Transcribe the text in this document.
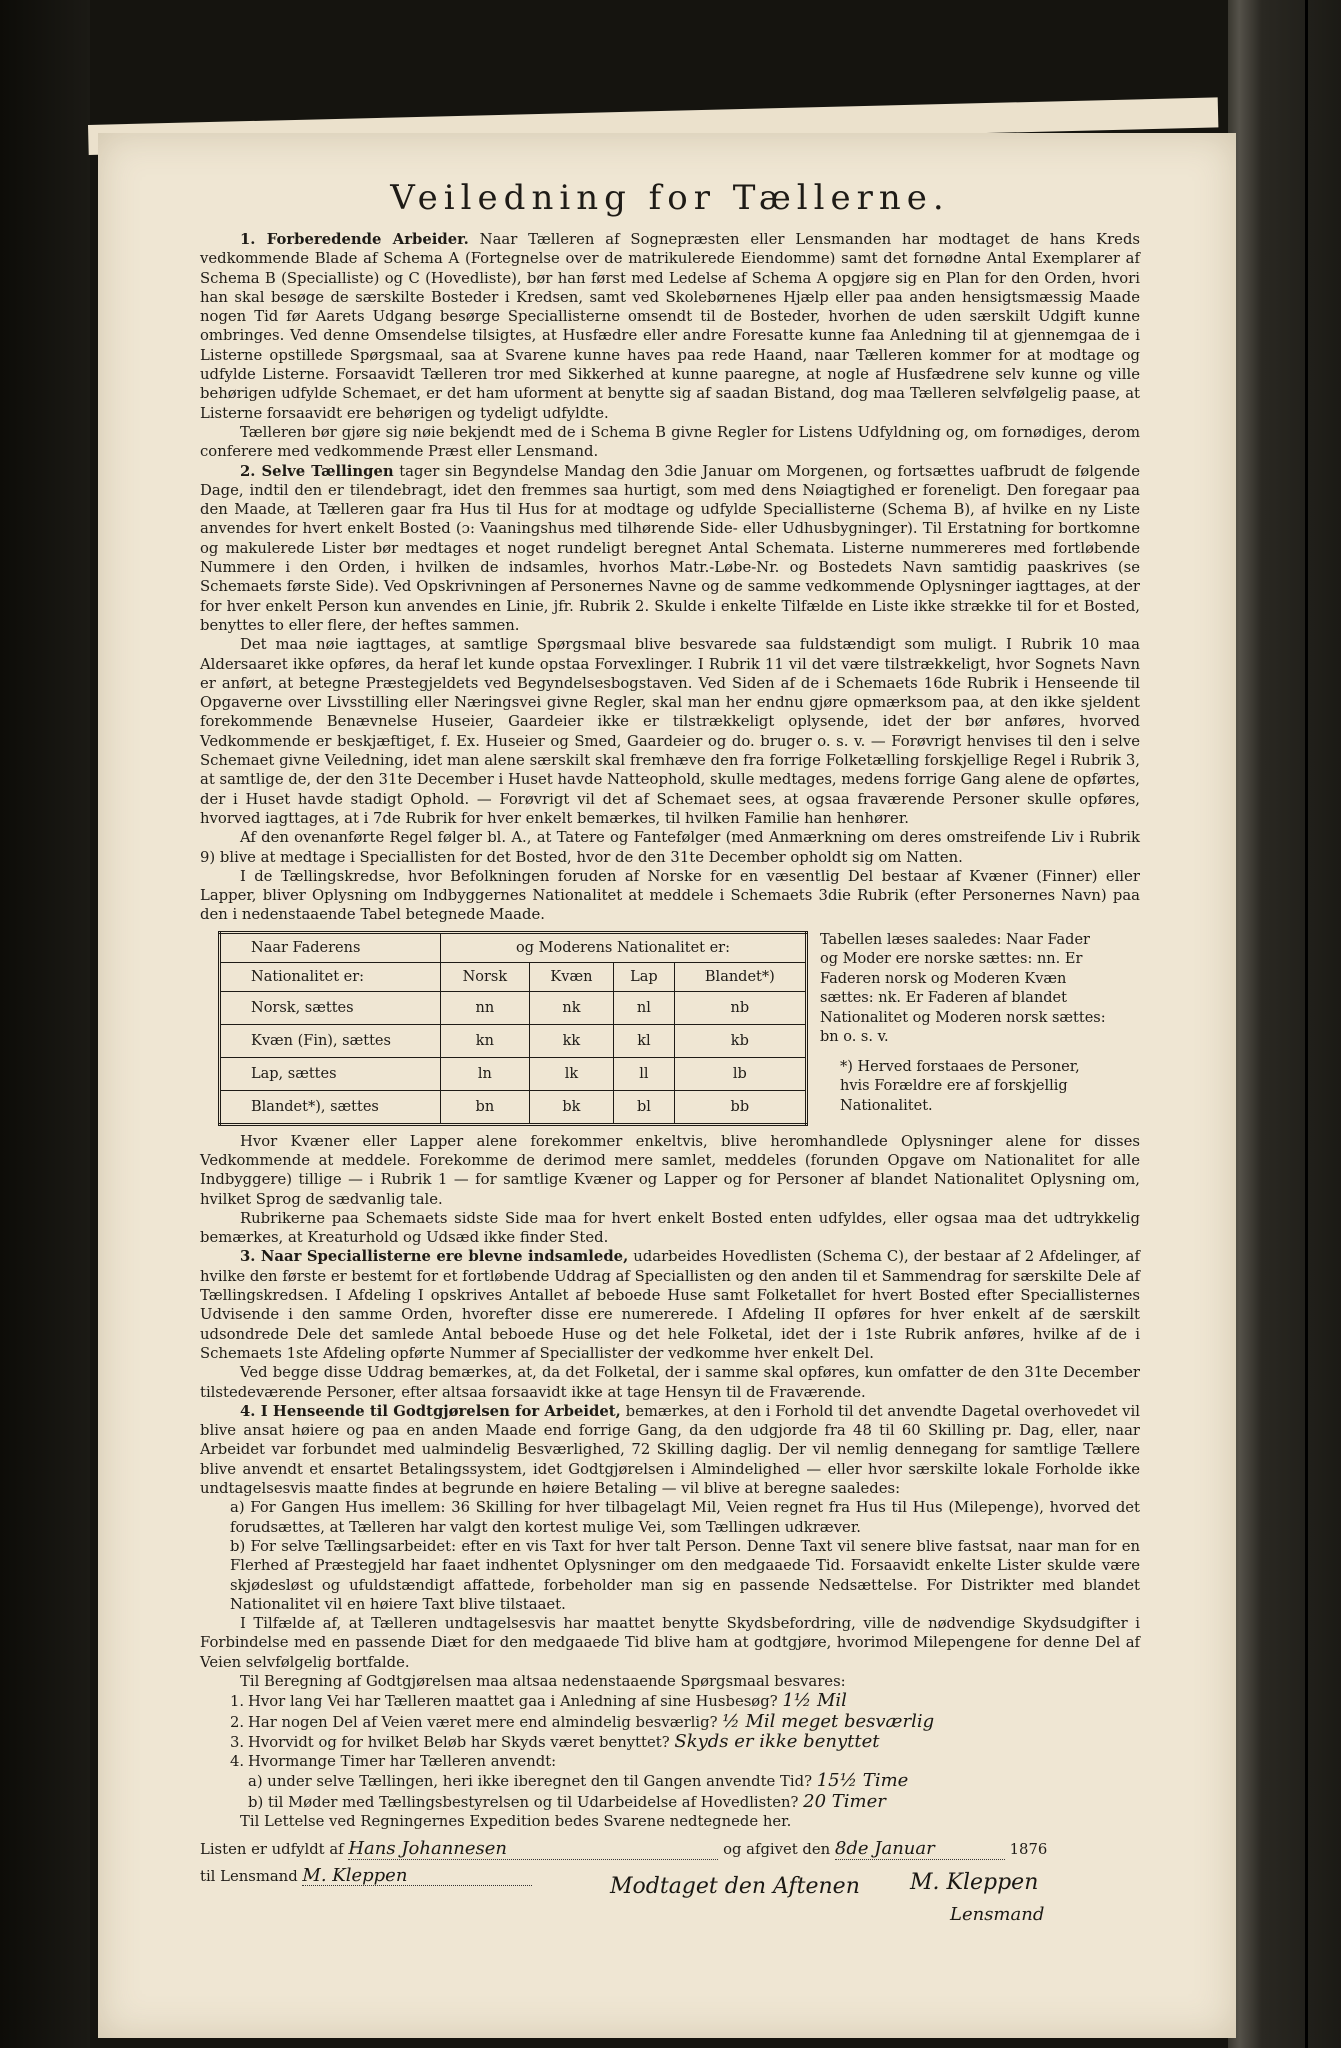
Veiledning for Tællerne.

1. Forberedende Arbeider. Naar Tælleren af Sognepræsten eller Lensmanden har modtaget de hans Kreds vedkommende Blade af Schema A (Fortegnelse over de matrikulerede Eiendomme) samt det fornødne Antal Exemplarer af Schema B (Specialliste) og C (Hovedliste), bør han først med Ledelse af Schema A opgjøre sig en Plan for den Orden, hvori han skal besøge de særskilte Bosteder i Kredsen, samt ved Skolebørnenes Hjælp eller paa anden hensigtsmæssig Maade nogen Tid før Aarets Udgang besørge Speciallisterne omsendt til de Bosteder, hvorhen de uden særskilt Udgift kunne ombringes. Ved denne Omsendelse tilsigtes, at Husfædre eller andre Foresatte kunne faa Anledning til at gjennemgaa de i Listerne opstillede Spørgsmaal, saa at Svarene kunne haves paa rede Haand, naar Tælleren kommer for at modtage og udfylde Listerne. Forsaavidt Tælleren tror med Sikkerhed at kunne paaregne, at nogle af Husfædrene selv kunne og ville behørigen udfylde Schemaet, er det ham uforment at benytte sig af saadan Bistand, dog maa Tælleren selvfølgelig paase, at Listerne forsaavidt ere behørigen og tydeligt udfyldte.

Tælleren bør gjøre sig nøie bekjendt med de i Schema B givne Regler for Listens Udfyldning og, om fornødiges, derom conferere med vedkommende Præst eller Lensmand.

2. Selve Tællingen tager sin Begyndelse Mandag den 3die Januar om Morgenen, og fortsættes uafbrudt de følgende Dage, indtil den er tilendebragt, idet den fremmes saa hurtigt, som med dens Nøiagtighed er foreneligt. Den foregaar paa den Maade, at Tælleren gaar fra Hus til Hus for at modtage og udfylde Speciallisterne (Schema B), af hvilke en ny Liste anvendes for hvert enkelt Bosted (ɔ: Vaaningshus med tilhørende Side- eller Udhusbygninger). Til Erstatning for bortkomne og makulerede Lister bør medtages et noget rundeligt beregnet Antal Schemata. Listerne nummereres med fortløbende Nummere i den Orden, i hvilken de indsamles, hvorhos Matr.-Løbe-Nr. og Bostedets Navn samtidig paaskrives (se Schemaets første Side). Ved Opskrivningen af Personernes Navne og de samme vedkommende Oplysninger iagttages, at der for hver enkelt Person kun anvendes en Linie, jfr. Rubrik 2. Skulde i enkelte Tilfælde en Liste ikke strække til for et Bosted, benyttes to eller flere, der heftes sammen.

Det maa nøie iagttages, at samtlige Spørgsmaal blive besvarede saa fuldstændigt som muligt. I Rubrik 10 maa Aldersaaret ikke opføres, da heraf let kunde opstaa Forvexlinger. I Rubrik 11 vil det være tilstrækkeligt, hvor Sognets Navn er anført, at betegne Præstegjeldets ved Begyndelsesbogstaven. Ved Siden af de i Schemaets 16de Rubrik i Henseende til Opgaverne over Livsstilling eller Næringsvei givne Regler, skal man her endnu gjøre opmærksom paa, at den ikke sjeldent forekommende Benævnelse Huseier, Gaardeier ikke er tilstrækkeligt oplysende, idet der bør anføres, hvorved Vedkommende er beskjæftiget, f. Ex. Huseier og Smed, Gaardeier og do. bruger o. s. v. — Forøvrigt henvises til den i selve Schemaet givne Veiledning, idet man alene særskilt skal fremhæve den fra forrige Folketælling forskjellige Regel i Rubrik 3, at samtlige de, der den 31te December i Huset havde Natteophold, skulle medtages, medens forrige Gang alene de opførtes, der i Huset havde stadigt Ophold. — Forøvrigt vil det af Schemaet sees, at ogsaa fraværende Personer skulle opføres, hvorved iagttages, at i 7de Rubrik for hver enkelt bemærkes, til hvilken Familie han henhører.

Af den ovenanførte Regel følger bl. A., at Tatere og Fantefølger (med Anmærkning om deres omstreifende Liv i Rubrik 9) blive at medtage i Speciallisten for det Bosted, hvor de den 31te December opholdt sig om Natten.

I de Tællingskredse, hvor Befolkningen foruden af Norske for en væsentlig Del bestaar af Kvæner (Finner) eller Lapper, bliver Oplysning om Indbyggernes Nationalitet at meddele i Schemaets 3die Rubrik (efter Personernes Navn) paa den i nedenstaaende Tabel betegnede Maade.

Naar Faderens	og Moderens Nationalitet er:			
Nationalitet er:	Norsk	Kvæn	Lap	Blandet*)
Norsk, sættes	nn	nk	nl	nb
Kvæn (Fin), sættes	kn	kk	kl	kb
Lap, sættes	ln	lk	ll	lb
Blandet*), sættes	bn	bk	bl	bb

Tabellen læses saaledes: Naar Fader og Moder ere norske sættes: nn. Er Faderen norsk og Moderen Kvæn sættes: nk. Er Faderen af blandet Nationalitet og Moderen norsk sættes: bn o. s. v.

*) Herved forstaaes de Personer, hvis Forældre ere af forskjellig Nationalitet.

Hvor Kvæner eller Lapper alene forekommer enkeltvis, blive heromhandlede Oplysninger alene for disses Vedkommende at meddele. Forekomme de derimod mere samlet, meddeles (forunden Opgave om Nationalitet for alle Indbyggere) tillige — i Rubrik 1 — for samtlige Kvæner og Lapper og for Personer af blandet Nationalitet Oplysning om, hvilket Sprog de sædvanlig tale.

Rubrikerne paa Schemaets sidste Side maa for hvert enkelt Bosted enten udfyldes, eller ogsaa maa det udtrykkelig bemærkes, at Kreaturhold og Udsæd ikke finder Sted.

3. Naar Speciallisterne ere blevne indsamlede, udarbeides Hovedlisten (Schema C), der bestaar af 2 Afdelinger, af hvilke den første er bestemt for et fortløbende Uddrag af Speciallisten og den anden til et Sammendrag for særskilte Dele af Tællingskredsen. I Afdeling I opskrives Antallet af beboede Huse samt Folketallet for hvert Bosted efter Speciallisternes Udvisende i den samme Orden, hvorefter disse ere numererede. I Afdeling II opføres for hver enkelt af de særskilt udsondrede Dele det samlede Antal beboede Huse og det hele Folketal, idet der i 1ste Rubrik anføres, hvilke af de i Schemaets 1ste Afdeling opførte Nummer af Speciallister der vedkomme hver enkelt Del.

Ved begge disse Uddrag bemærkes, at, da det Folketal, der i samme skal opføres, kun omfatter de den 31te December tilstedeværende Personer, efter altsaa forsaavidt ikke at tage Hensyn til de Fraværende.

4. I Henseende til Godtgjørelsen for Arbeidet, bemærkes, at den i Forhold til det anvendte Dagetal overhovedet vil blive ansat høiere og paa en anden Maade end forrige Gang, da den udgjorde fra 48 til 60 Skilling pr. Dag, eller, naar Arbeidet var forbundet med ualmindelig Besværlighed, 72 Skilling daglig. Der vil nemlig dennegang for samtlige Tællere blive anvendt et ensartet Betalingssystem, idet Godtgjørelsen i Almindelighed — eller hvor særskilte lokale Forholde ikke undtagelsesvis maatte findes at begrunde en høiere Betaling — vil blive at beregne saaledes:

a) For Gangen Hus imellem: 36 Skilling for hver tilbagelagt Mil, Veien regnet fra Hus til Hus (Milepenge), hvorved det forudsættes, at Tælleren har valgt den kortest mulige Vei, som Tællingen udkræver.

b) For selve Tællingsarbeidet: efter en vis Taxt for hver talt Person. Denne Taxt vil senere blive fastsat, naar man for en Flerhed af Præstegjeld har faaet indhentet Oplysninger om den medgaaede Tid. Forsaavidt enkelte Lister skulde være skjødesløst og ufuldstændigt affattede, forbeholder man sig en passende Nedsættelse. For Distrikter med blandet Nationalitet vil en høiere Taxt blive tilstaaet.

I Tilfælde af, at Tælleren undtagelsesvis har maattet benytte Skydsbefordring, ville de nødvendige Skydsudgifter i Forbindelse med en passende Diæt for den medgaaede Tid blive ham at godtgjøre, hvorimod Milepengene for denne Del af Veien selvfølgelig bortfalde.

Til Beregning af Godtgjørelsen maa altsaa nedenstaaende Spørgsmaal besvares:

1. Hvor lang Vei har Tælleren maattet gaa i Anledning af sine Husbesøg? 1½ Mil

2. Har nogen Del af Veien været mere end almindelig besværlig? ½ Mil meget besværlig

3. Hvorvidt og for hvilket Beløb har Skyds været benyttet? Skyds er ikke benyttet

4. Hvormange Timer har Tælleren anvendt:

a) under selve Tællingen, heri ikke iberegnet den til Gangen anvendte Tid? 15½ Time

b) til Møder med Tællingsbestyrelsen og til Udarbeidelse af Hovedlisten? 20 Timer

Til Lettelse ved Regningernes Expedition bedes Svarene nedtegnede her.

Listen er udfyldt af Hans Johannesen	og afgivet den 8de Januar	1876

til Lensmand M. Kleppen	Modtaget den Aftenen M. Kleppen
Lensmand
